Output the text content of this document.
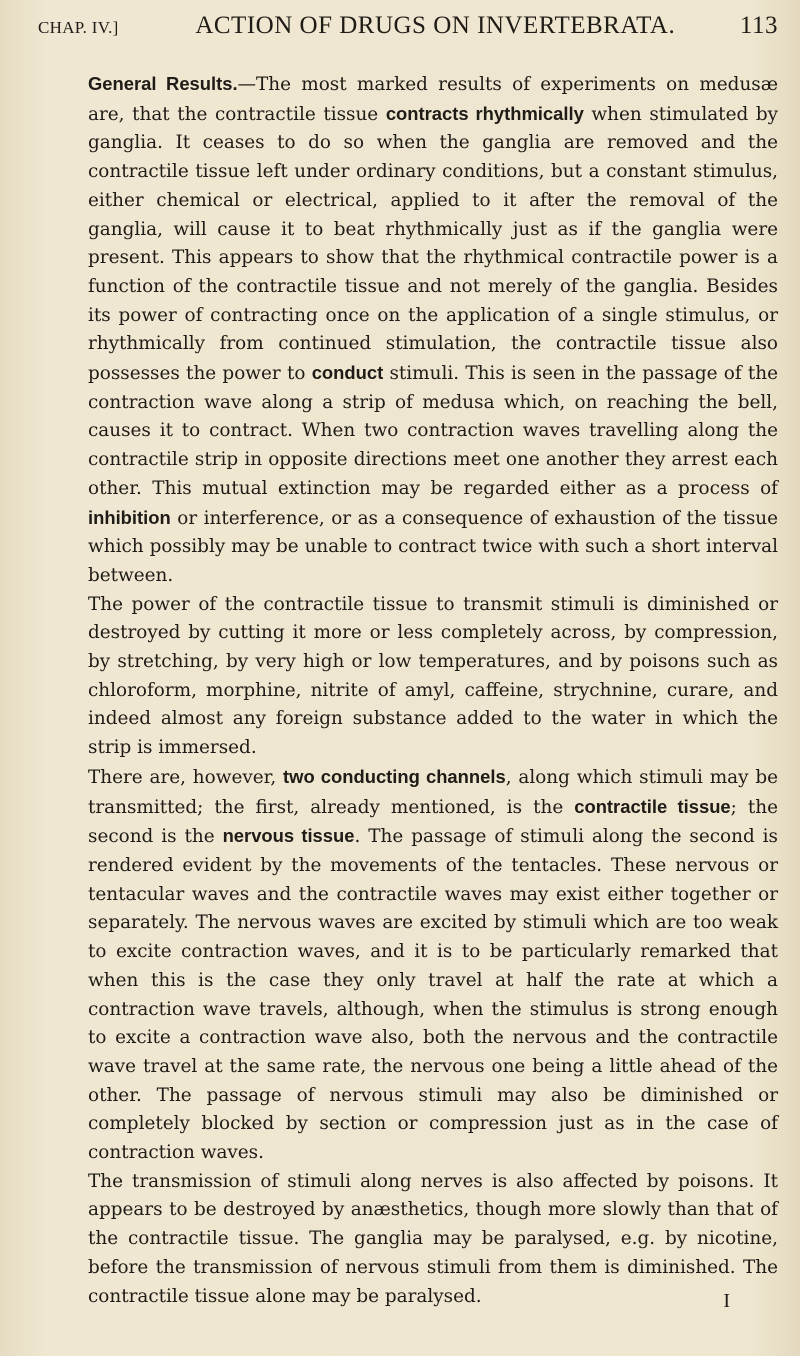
CHAP. IV.]	ACTION OF DRUGS ON INVERTEBRATA.	113

General Results.—The most marked results of experiments on medusæ are, that the contractile tissue contracts rhythmically when stimulated by ganglia. It ceases to do so when the ganglia are removed and the contractile tissue left under ordinary conditions, but a constant stimulus, either chemical or electrical, applied to it after the removal of the ganglia, will cause it to beat rhythmically just as if the ganglia were present. This appears to show that the rhythmical contractile power is a function of the contractile tissue and not merely of the ganglia. Besides its power of contracting once on the application of a single stimulus, or rhythmically from continued stimulation, the contractile tissue also possesses the power to conduct stimuli. This is seen in the passage of the contraction wave along a strip of medusa which, on reaching the bell, causes it to contract. When two contraction waves travelling along the contractile strip in opposite directions meet one another they arrest each other. This mutual extinction may be regarded either as a process of inhibition or interference, or as a consequence of exhaustion of the tissue which possibly may be unable to contract twice with such a short interval between.

The power of the contractile tissue to transmit stimuli is diminished or destroyed by cutting it more or less completely across, by compression, by stretching, by very high or low temperatures, and by poisons such as chloroform, morphine, nitrite of amyl, caffeine, strychnine, curare, and indeed almost any foreign substance added to the water in which the strip is immersed.

There are, however, two conducting channels, along which stimuli may be transmitted; the first, already mentioned, is the contractile tissue; the second is the nervous tissue. The passage of stimuli along the second is rendered evident by the movements of the tentacles. These nervous or tentacular waves and the contractile waves may exist either together or separately. The nervous waves are excited by stimuli which are too weak to excite contraction waves, and it is to be particularly remarked that when this is the case they only travel at half the rate at which a contraction wave travels, although, when the stimulus is strong enough to excite a contraction wave also, both the nervous and the contractile wave travel at the same rate, the nervous one being a little ahead of the other. The passage of nervous stimuli may also be diminished or completely blocked by section or compression just as in the case of contraction waves.

The transmission of stimuli along nerves is also affected by poisons. It appears to be destroyed by anæsthetics, though more slowly than that of the contractile tissue. The ganglia may be paralysed, e.g. by nicotine, before the transmission of nervous stimuli from them is diminished. The contractile tissue alone may be paralysed.	I
